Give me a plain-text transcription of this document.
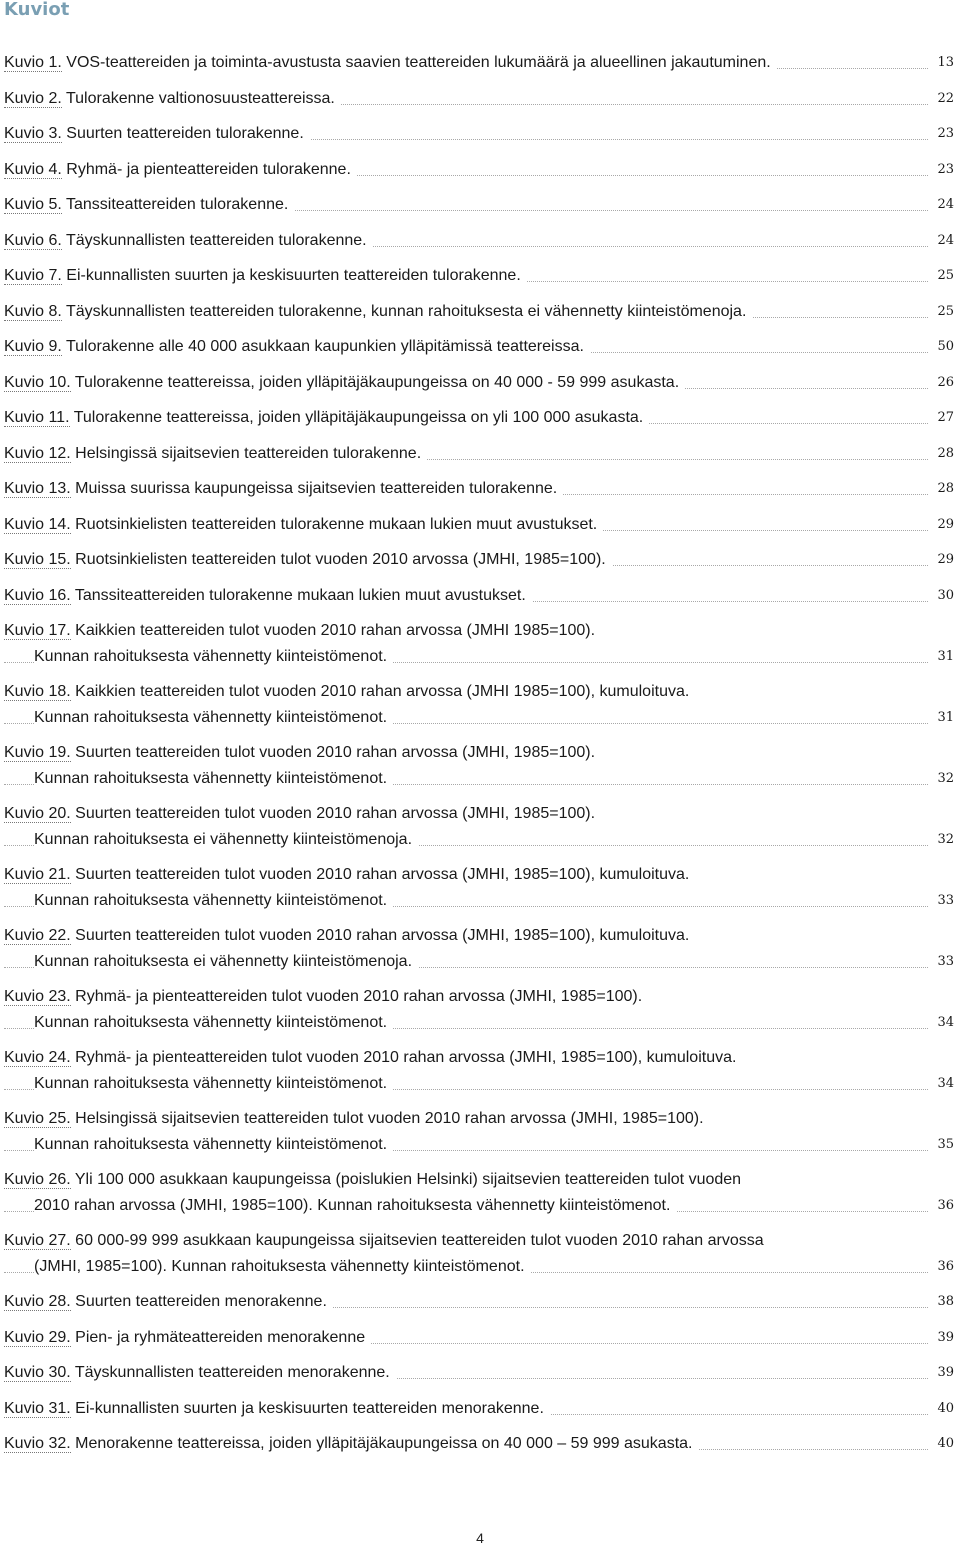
Kuviot
Kuvio 1. VOS-teattereiden ja toiminta-avustusta saavien teattereiden lukumäärä ja alueellinen jakautuminen.	13
Kuvio 2. Tulorakenne valtionosuusteattereissa.	22
Kuvio 3. Suurten teattereiden tulorakenne.	23
Kuvio 4. Ryhmä- ja pienteattereiden tulorakenne.	23
Kuvio 5. Tanssiteattereiden tulorakenne.	24
Kuvio 6. Täyskunnallisten teattereiden tulorakenne.	24
Kuvio 7. Ei-kunnallisten suurten ja keskisuurten teattereiden tulorakenne.	25
Kuvio 8. Täyskunnallisten teattereiden tulorakenne, kunnan rahoituksesta ei vähennetty kiinteistömenoja.	25
Kuvio 9. Tulorakenne alle 40 000 asukkaan kaupunkien ylläpitämissä teattereissa.	50
Kuvio 10. Tulorakenne teattereissa, joiden ylläpitäjäkaupungeissa on 40 000 - 59 999 asukasta.	26
Kuvio 11. Tulorakenne teattereissa, joiden ylläpitäjäkaupungeissa on yli 100 000 asukasta.	27
Kuvio 12. Helsingissä sijaitsevien teattereiden tulorakenne.	28
Kuvio 13. Muissa suurissa kaupungeissa sijaitsevien teattereiden tulorakenne.	28
Kuvio 14. Ruotsinkielisten teattereiden tulorakenne mukaan lukien muut avustukset.	29
Kuvio 15. Ruotsinkielisten teattereiden tulot vuoden 2010 arvossa (JMHI, 1985=100).	29
Kuvio 16. Tanssiteattereiden tulorakenne mukaan lukien muut avustukset.	30
Kuvio 17. Kaikkien teattereiden tulot vuoden 2010 rahan arvossa (JMHI 1985=100).
Kunnan rahoituksesta vähennetty kiinteistömenot.	31
Kuvio 18. Kaikkien teattereiden tulot vuoden 2010 rahan arvossa (JMHI 1985=100), kumuloituva.
Kunnan rahoituksesta vähennetty kiinteistömenot.	31
Kuvio 19. Suurten teattereiden tulot vuoden 2010 rahan arvossa (JMHI, 1985=100).
Kunnan rahoituksesta vähennetty kiinteistömenot.	32
Kuvio 20. Suurten teattereiden tulot vuoden 2010 rahan arvossa (JMHI, 1985=100).
Kunnan rahoituksesta ei vähennetty kiinteistömenoja.	32
Kuvio 21. Suurten teattereiden tulot vuoden 2010 rahan arvossa (JMHI, 1985=100), kumuloituva.
Kunnan rahoituksesta vähennetty kiinteistömenot.	33
Kuvio 22. Suurten teattereiden tulot vuoden 2010 rahan arvossa (JMHI, 1985=100), kumuloituva.
Kunnan rahoituksesta ei vähennetty kiinteistömenoja.	33
Kuvio 23. Ryhmä- ja pienteattereiden tulot vuoden 2010 rahan arvossa (JMHI, 1985=100).
Kunnan rahoituksesta vähennetty kiinteistömenot.	34
Kuvio 24. Ryhmä- ja pienteattereiden tulot vuoden 2010 rahan arvossa (JMHI, 1985=100), kumuloituva.
Kunnan rahoituksesta vähennetty kiinteistömenot.	34
Kuvio 25. Helsingissä sijaitsevien teattereiden tulot vuoden 2010 rahan arvossa (JMHI, 1985=100).
Kunnan rahoituksesta vähennetty kiinteistömenot.	35
Kuvio 26. Yli 100 000 asukkaan kaupungeissa (poislukien Helsinki) sijaitsevien teattereiden tulot vuoden
2010 rahan arvossa (JMHI, 1985=100). Kunnan rahoituksesta vähennetty kiinteistömenot.	36
Kuvio 27. 60 000-99 999 asukkaan kaupungeissa sijaitsevien teattereiden tulot vuoden 2010 rahan arvossa
(JMHI, 1985=100). Kunnan rahoituksesta vähennetty kiinteistömenot.	36
Kuvio 28. Suurten teattereiden menorakenne.	38
Kuvio 29. Pien- ja ryhmäteattereiden menorakenne	39
Kuvio 30. Täyskunnallisten teattereiden menorakenne.	39
Kuvio 31. Ei-kunnallisten suurten ja keskisuurten teattereiden menorakenne.	40
Kuvio 32. Menorakenne teattereissa, joiden ylläpitäjäkaupungeissa on 40 000 – 59 999 asukasta.	40
4
